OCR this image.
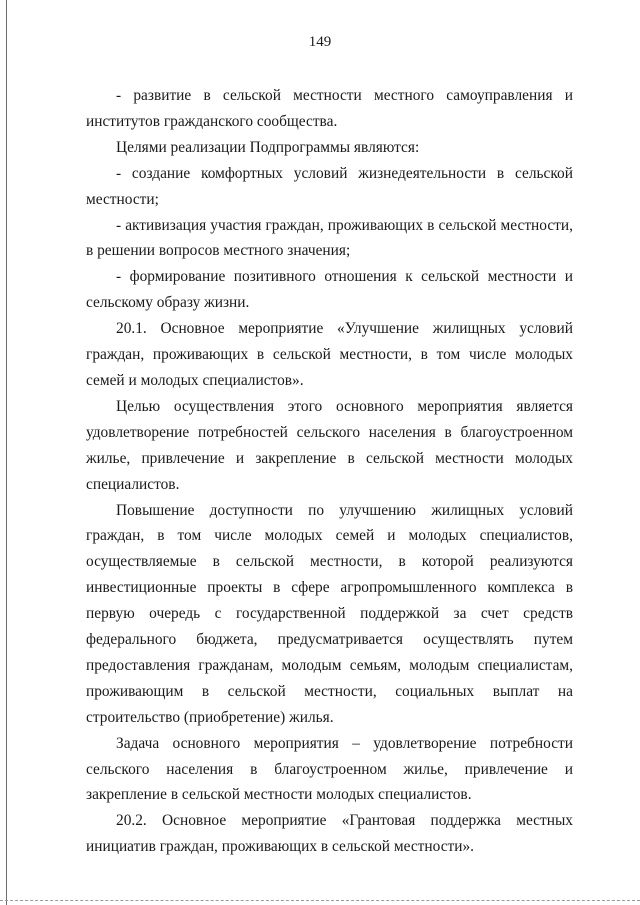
149

- развитие в сельской местности местного самоуправления и институтов гражданского сообщества.

Целями реализации Подпрограммы являются:

- создание комфортных условий жизнедеятельности в сельской местности;

- активизация участия граждан, проживающих в сельской местности, в решении вопросов местного значения;

- формирование позитивного отношения к сельской местности и сельскому образу жизни.

20.1. Основное мероприятие «Улучшение жилищных условий граждан, проживающих в сельской местности, в том числе молодых семей и молодых специалистов».

Целью осуществления этого основного мероприятия является удовлетворение потребностей сельского населения в благоустроенном жилье, привлечение и закрепление в сельской местности молодых специалистов.

Повышение доступности по улучшению жилищных условий граждан, в том числе молодых семей и молодых специалистов, осуществляемые в сельской местности, в которой реализуются инвестиционные проекты в сфере агропромышленного комплекса в первую очередь с государственной поддержкой за счет средств федерального бюджета, предусматривается осуществлять путем предоставления гражданам, молодым семьям, молодым специалистам, проживающим в сельской местности, социальных выплат на строительство (приобретение) жилья.

Задача основного мероприятия – удовлетворение потребности сельского населения в благоустроенном жилье, привлечение и закрепление в сельской местности молодых специалистов.

20.2. Основное мероприятие «Грантовая поддержка местных инициатив граждан, проживающих в сельской местности».
